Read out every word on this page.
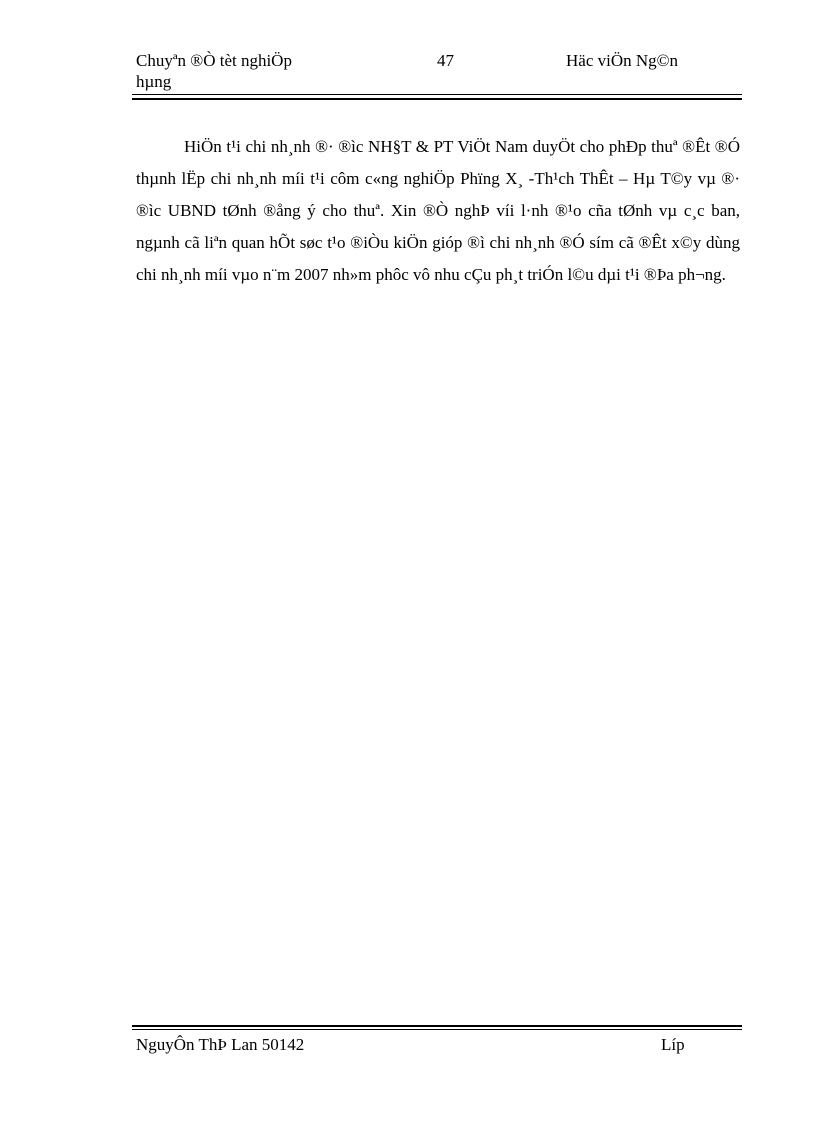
Chuyªn ®Ò tèt nghiÖp hµng
47	Häc viÖn Ng©n

HiÖn t¹i chi nh¸nh ®· ®ìc NH§T & PT ViÖt Nam duyÖt cho phÐp thuª ®Êt ®Ó thµnh lËp chi nh¸nh míi t¹i côm c«ng nghiÖp Phïng X¸ -Th¹ch ThÊt – Hµ T©y vµ ®· ®ìc UBND tØnh ®ång ý cho thuª. Xin ®Ò nghÞ víi l·nh ®¹o cña tØnh vµ c¸c ban, ngµnh cã liªn quan hÕt søc t¹o ®iÒu kiÖn gióp ®ì chi nh¸nh ®Ó sím cã ®Êt x©y dùng chi nh¸nh míi vµo n¨m 2007 nh»m phôc vô nhu cÇu ph¸t triÓn l©u dµi t¹i ®Þa ph¬ng.

NguyÔn ThÞ Lan 50142	Líp
